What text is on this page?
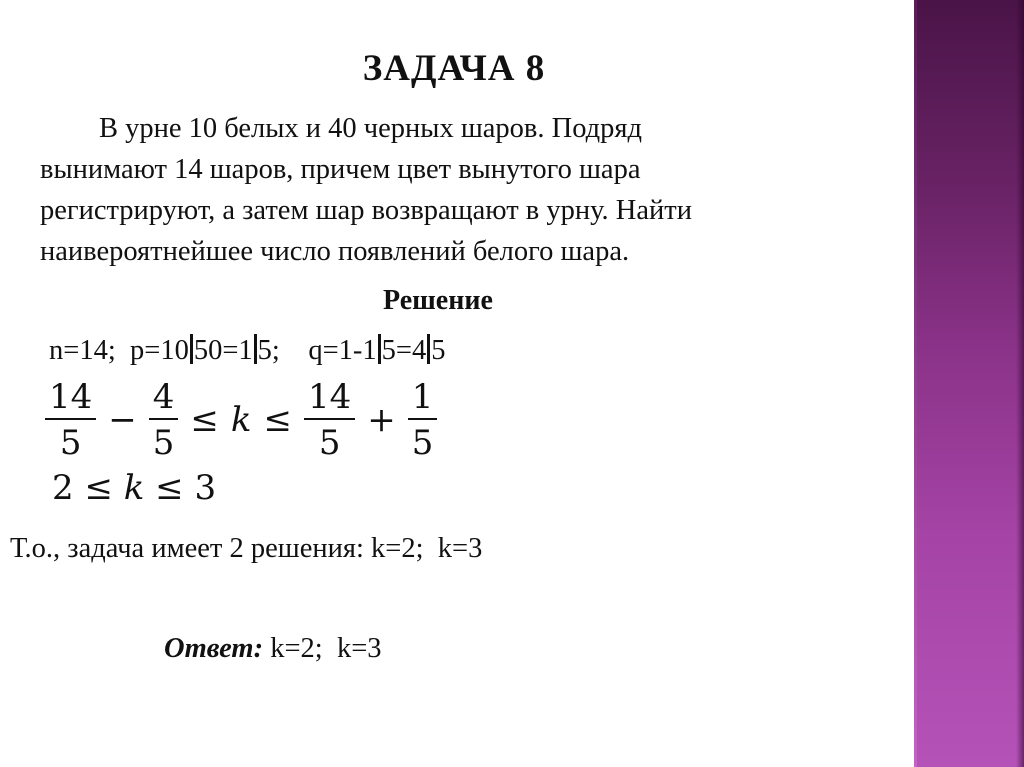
ЗАДАЧА 8
В урне 10 белых и 40 черных шаров. Подряд
вынимают 14 шаров, причем цвет вынутого шара
регистрируют, а затем шар возвращают в урну. Найти
наивероятнейшее число появлений белого шара.
Решение
n=14; p=10 50=1 5; q=1-1 5=4 5
$\frac{14}{5} - \frac{4}{5} \le k \le \frac{14}{5} + \frac{1}{5}$
2 ≤ k ≤ 3
Т.о., задача имеет 2 решения: k=2;  k=3
Ответ: k=2;  k=3
